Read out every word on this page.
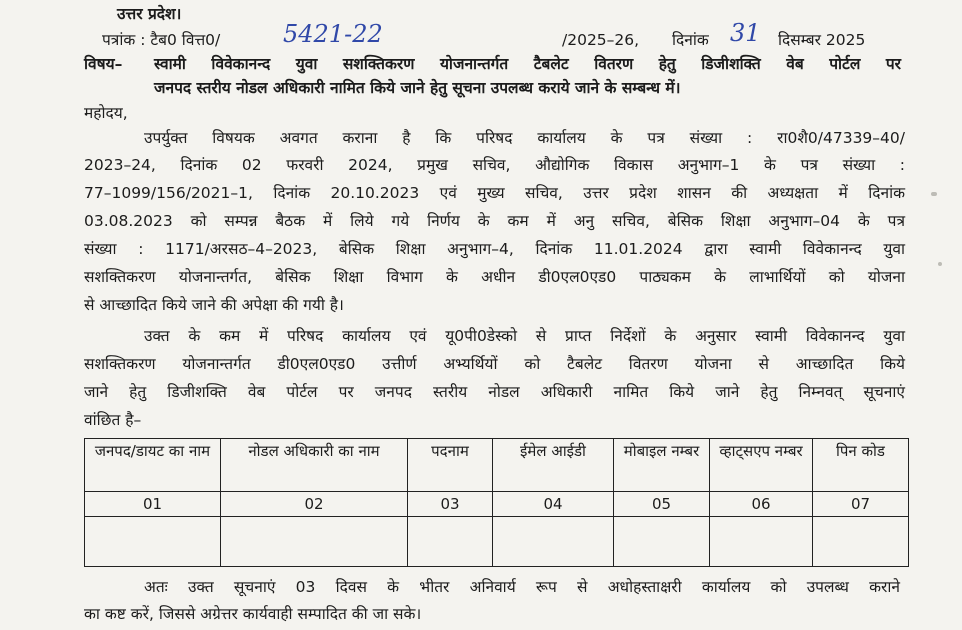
उत्तर प्रदेश।
पत्रांक : टैब0 वित्त0/	5421-22	/2025–26, दिनांक 31 दिसम्बर 2025
विषय– स्वामी विवेकानन्द युवा सशक्तिकरण योजनान्तर्गत टैबलेट वितरण हेतु डिजीशक्ति वेब पोर्टल पर
जनपद स्तरीय नोडल अधिकारी नामित किये जाने हेतु सूचना उपलब्ध कराये जाने के सम्बन्ध में।
महोदय,
उपर्युक्त विषयक अवगत कराना है कि परिषद कार्यालय के पत्र संख्या : रा0शै0/47339–40/
2023–24, दिनांक 02 फरवरी 2024, प्रमुख सचिव, औद्योगिक विकास अनुभाग–1 के पत्र संख्या :
77–1099/156/2021–1, दिनांक 20.10.2023 एवं मुख्य सचिव, उत्तर प्रदेश शासन की अध्यक्षता में दिनांक
03.08.2023 को सम्पन्न बैठक में लिये गये निर्णय के कम में अनु सचिव, बेसिक शिक्षा अनुभाग–04 के पत्र
संख्या : 1171/अरसठ–4–2023, बेसिक शिक्षा अनुभाग–4, दिनांक 11.01.2024 द्वारा स्वामी विवेकानन्द युवा
सशक्तिकरण योजनान्तर्गत, बेसिक शिक्षा विभाग के अधीन डी0एल0एड0 पाठ्यकम के लाभार्थियों को योजना
से आच्छादित किये जाने की अपेक्षा की गयी है।
उक्त के कम में परिषद कार्यालय एवं यू0पी0डेस्को से प्राप्त निर्देशों के अनुसार स्वामी विवेकानन्द युवा
सशक्तिकरण योजनान्तर्गत डी0एल0एड0 उत्तीर्ण अभ्यर्थियों को टैबलेट वितरण योजना से आच्छादित किये
जाने हेतु डिजीशक्ति वेब पोर्टल पर जनपद स्तरीय नोडल अधिकारी नामित किये जाने हेतु निम्नवत् सूचनाएं
वांछित है–
जनपद/डायट का नाम	नोडल अधिकारी का नाम	पदनाम	ईमेल आईडी	मोबाइल नम्बर	व्हाट्सएप नम्बर	पिन कोड
01	02	03	04	05	06	07

अतः उक्त सूचनाएं 03 दिवस के भीतर अनिवार्य रूप से अधोहस्ताक्षरी कार्यालय को उपलब्ध कराने
का कष्ट करें, जिससे अग्रेत्तर कार्यवाही सम्पादित की जा सके।
